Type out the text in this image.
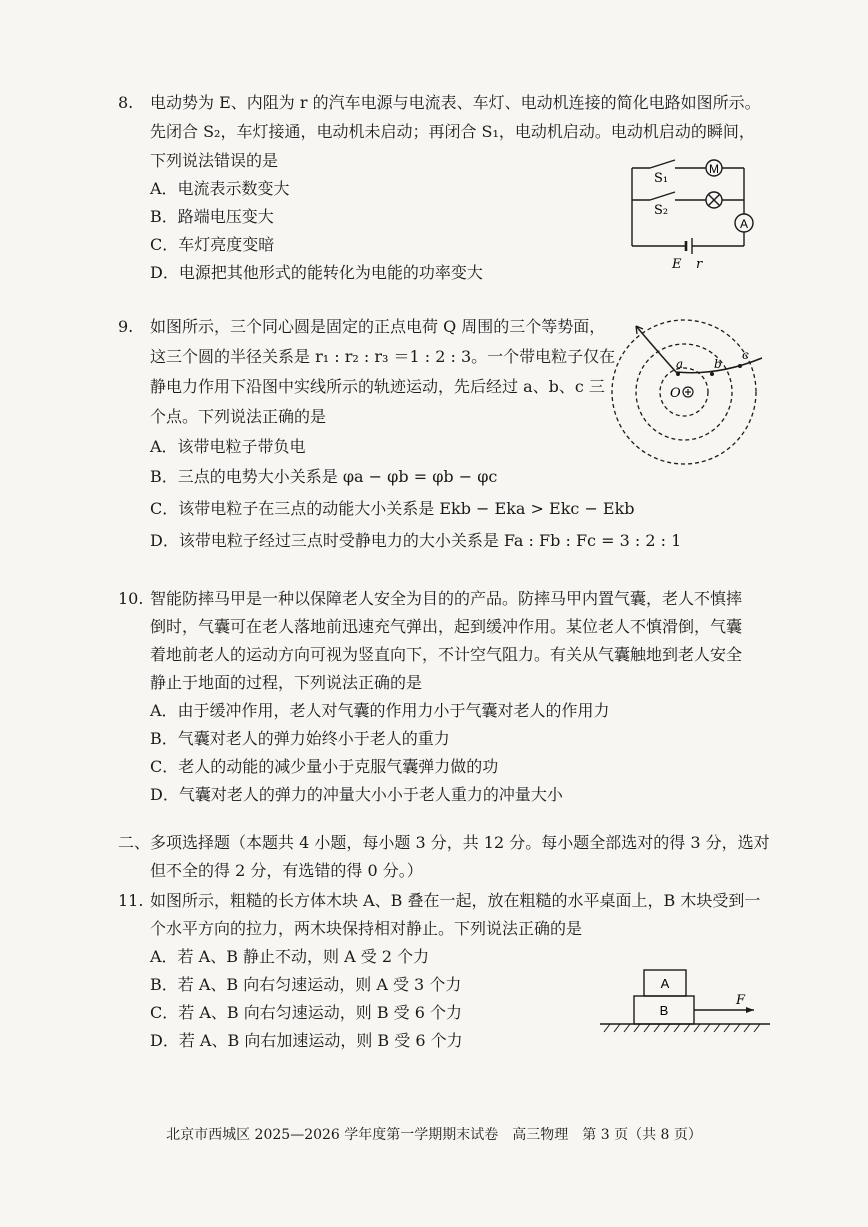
8. 电动势为 E、内阻为 r 的汽车电源与电流表、车灯、电动机连接的简化电路如图所示。
先闭合 S₂，车灯接通，电动机未启动；再闭合 S₁，电动机启动。电动机启动的瞬间，
下列说法错误的是
A．电流表示数变大
B．路端电压变大
C．车灯亮度变暗
D．电源把其他形式的能转化为电能的功率变大
M
A
S₁
S₂
E r
9. 如图所示，三个同心圆是固定的正点电荷 Q 周围的三个等势面，
这三个圆的半径关系是 r₁ : r₂ : r₃ ＝1 : 2 : 3。一个带电粒子仅在
静电力作用下沿图中实线所示的轨迹运动，先后经过 a、b、c 三
个点。下列说法正确的是
A．该带电粒子带负电
B．三点的电势大小关系是 φa − φb = φb − φc
C．该带电粒子在三点的动能大小关系是 Ekb − Eka > Ekc − Ekb
D．该带电粒子经过三点时受静电力的大小关系是 Fa : Fb : Fc = 3 : 2 : 1
a	b
c
O
10. 智能防摔马甲是一种以保障老人安全为目的的产品。防摔马甲内置气囊，老人不慎摔
倒时，气囊可在老人落地前迅速充气弹出，起到缓冲作用。某位老人不慎滑倒，气囊
着地前老人的运动方向可视为竖直向下，不计空气阻力。有关从气囊触地到老人安全
静止于地面的过程，下列说法正确的是
A．由于缓冲作用，老人对气囊的作用力小于气囊对老人的作用力
B．气囊对老人的弹力始终小于老人的重力
C．老人的动能的减少量小于克服气囊弹力做的功
D．气囊对老人的弹力的冲量大小小于老人重力的冲量大小
二、多项选择题（本题共 4 小题，每小题 3 分，共 12 分。每小题全部选对的得 3 分，选对
但不全的得 2 分，有选错的得 0 分。）
11. 如图所示，粗糙的长方体木块 A、B 叠在一起，放在粗糙的水平桌面上，B 木块受到一
个水平方向的拉力，两木块保持相对静止。下列说法正确的是
A．若 A、B 静止不动，则 A 受 2 个力
B．若 A、B 向右匀速运动，则 A 受 3 个力
C．若 A、B 向右匀速运动，则 B 受 6 个力
D．若 A、B 向右加速运动，则 B 受 6 个力
A
B
F
北京市西城区 2025—2026 学年度第一学期期末试卷　高三物理　第 3 页（共 8 页）
